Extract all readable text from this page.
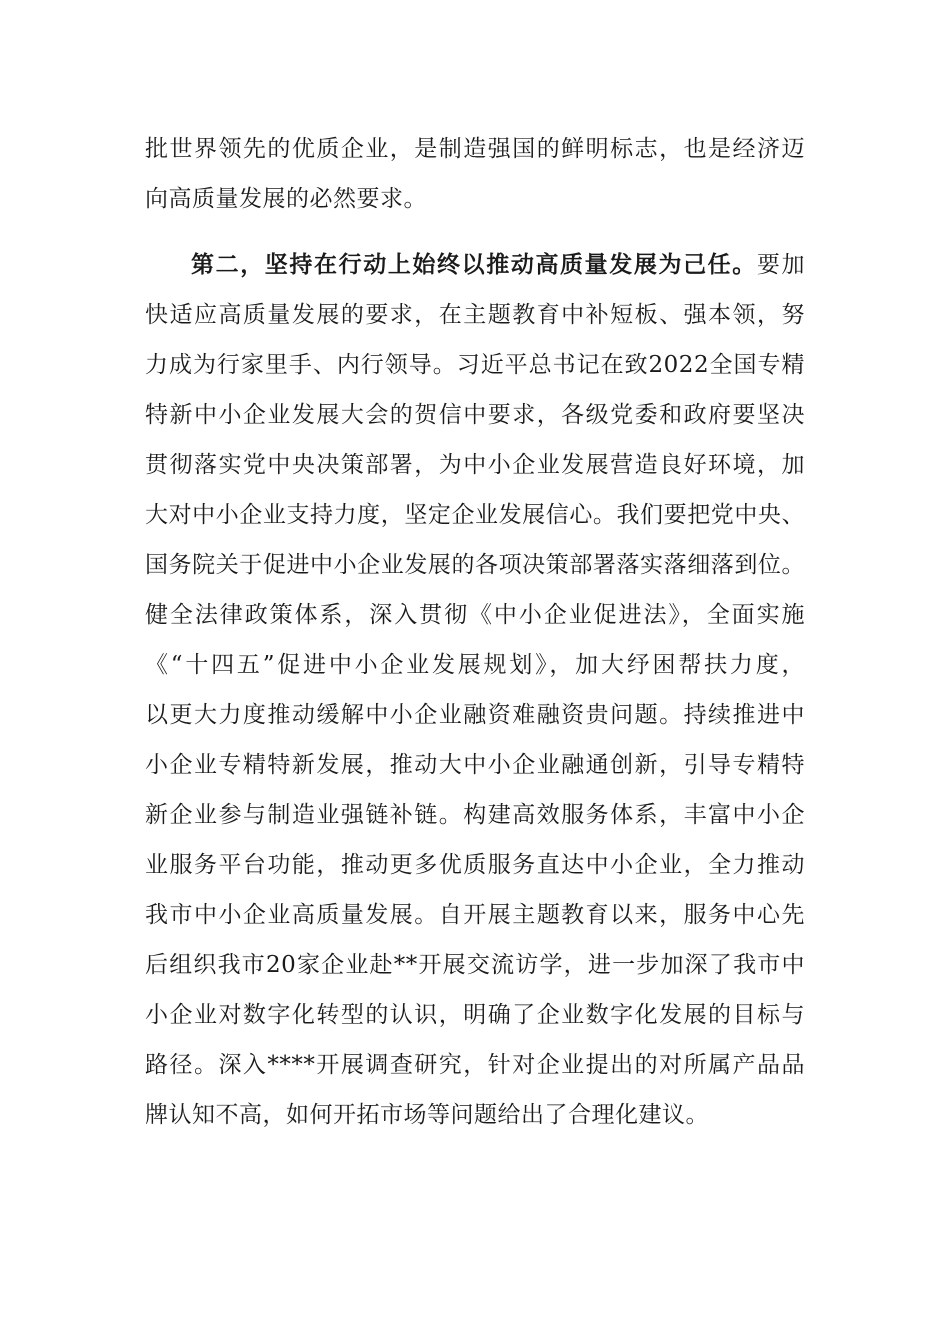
批世界领先的优质企业，是制造强国的鲜明标志，也是经济迈
向高质量发展的必然要求。
第二，坚持在行动上始终以推动高质量发展为己任。要加
快适应高质量发展的要求，在主题教育中补短板、强本领，努
力成为行家里手、内行领导。习近平总书记在致2022全国专精
特新中小企业发展大会的贺信中要求，各级党委和政府要坚决
贯彻落实党中央决策部署，为中小企业发展营造良好环境，加
大对中小企业支持力度，坚定企业发展信心。我们要把党中央、
国务院关于促进中小企业发展的各项决策部署落实落细落到位。
健全法律政策体系，深入贯彻《中小企业促进法》，全面实施
《“十四五”促进中小企业发展规划》，加大纾困帮扶力度，
以更大力度推动缓解中小企业融资难融资贵问题。持续推进中
小企业专精特新发展，推动大中小企业融通创新，引导专精特
新企业参与制造业强链补链。构建高效服务体系，丰富中小企
业服务平台功能，推动更多优质服务直达中小企业，全力推动
我市中小企业高质量发展。自开展主题教育以来，服务中心先
后组织我市20家企业赴**开展交流访学，进一步加深了我市中
小企业对数字化转型的认识，明确了企业数字化发展的目标与
路径。深入****开展调查研究，针对企业提出的对所属产品品
牌认知不高，如何开拓市场等问题给出了合理化建议。
